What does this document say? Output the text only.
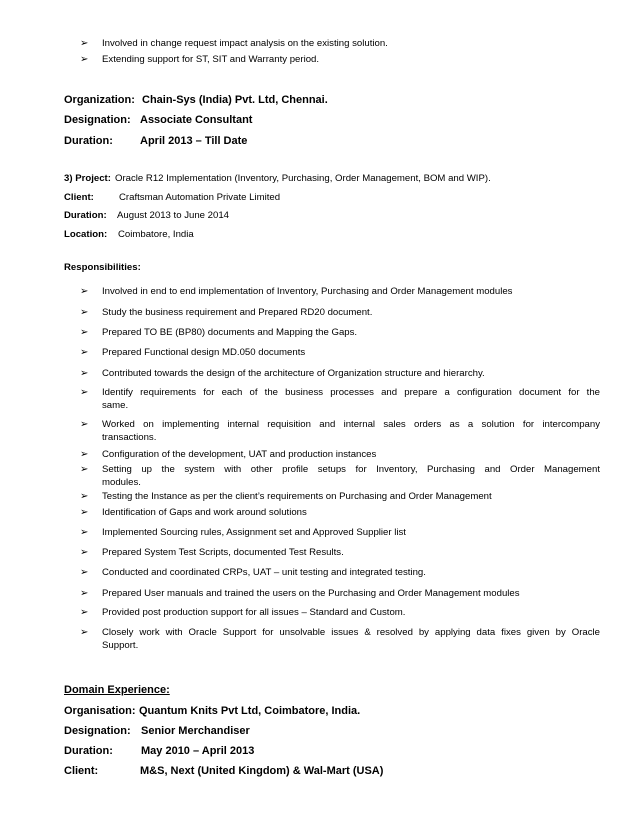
➢ Involved in change request impact analysis on the existing solution.
➢ Extending support for ST, SIT and Warranty period.
Organization: Chain-Sys (India) Pvt. Ltd, Chennai.
Designation: Associate Consultant
Duration: April 2013 – Till Date
3) Project: Oracle R12 Implementation (Inventory, Purchasing, Order Management, BOM and WIP).
Client:	Craftsman Automation Private Limited
Duration: August 2013 to June 2014
Location: Coimbatore, India
Responsibilities:
➢ Involved in end to end implementation of Inventory, Purchasing and Order Management modules
➢ Study the business requirement and Prepared RD20 document.
➢ Prepared TO BE (BP80) documents and Mapping the Gaps.
➢ Prepared Functional design MD.050 documents
➢ Contributed towards the design of the architecture of Organization structure and hierarchy.
➢ Identify requirements for each of the business processes and prepare a configuration document for the
same.
➢ Worked on implementing internal requisition and internal sales orders as a solution for intercompany
transactions.
➢ Configuration of the development, UAT and production instances
➢ Setting up the system with other profile setups for Inventory, Purchasing and Order Management
modules.
➢ Testing the Instance as per the client’s requirements on Purchasing and Order Management
➢ Identification of Gaps and work around solutions
➢ Implemented Sourcing rules, Assignment set and Approved Supplier list
➢ Prepared System Test Scripts, documented Test Results.
➢ Conducted and coordinated CRPs, UAT – unit testing and integrated testing.
➢ Prepared User manuals and trained the users on the Purchasing and Order Management modules
➢ Provided post production support for all issues – Standard and Custom.
➢ Closely work with Oracle Support for unsolvable issues & resolved by applying data fixes given by Oracle
Support.
Domain Experience:
Organisation: Quantum Knits Pvt Ltd, Coimbatore, India.
Designation: Senior Merchandiser
Duration:	May 2010 – April 2013
Client:	M&S, Next (United Kingdom) & Wal-Mart (USA)
